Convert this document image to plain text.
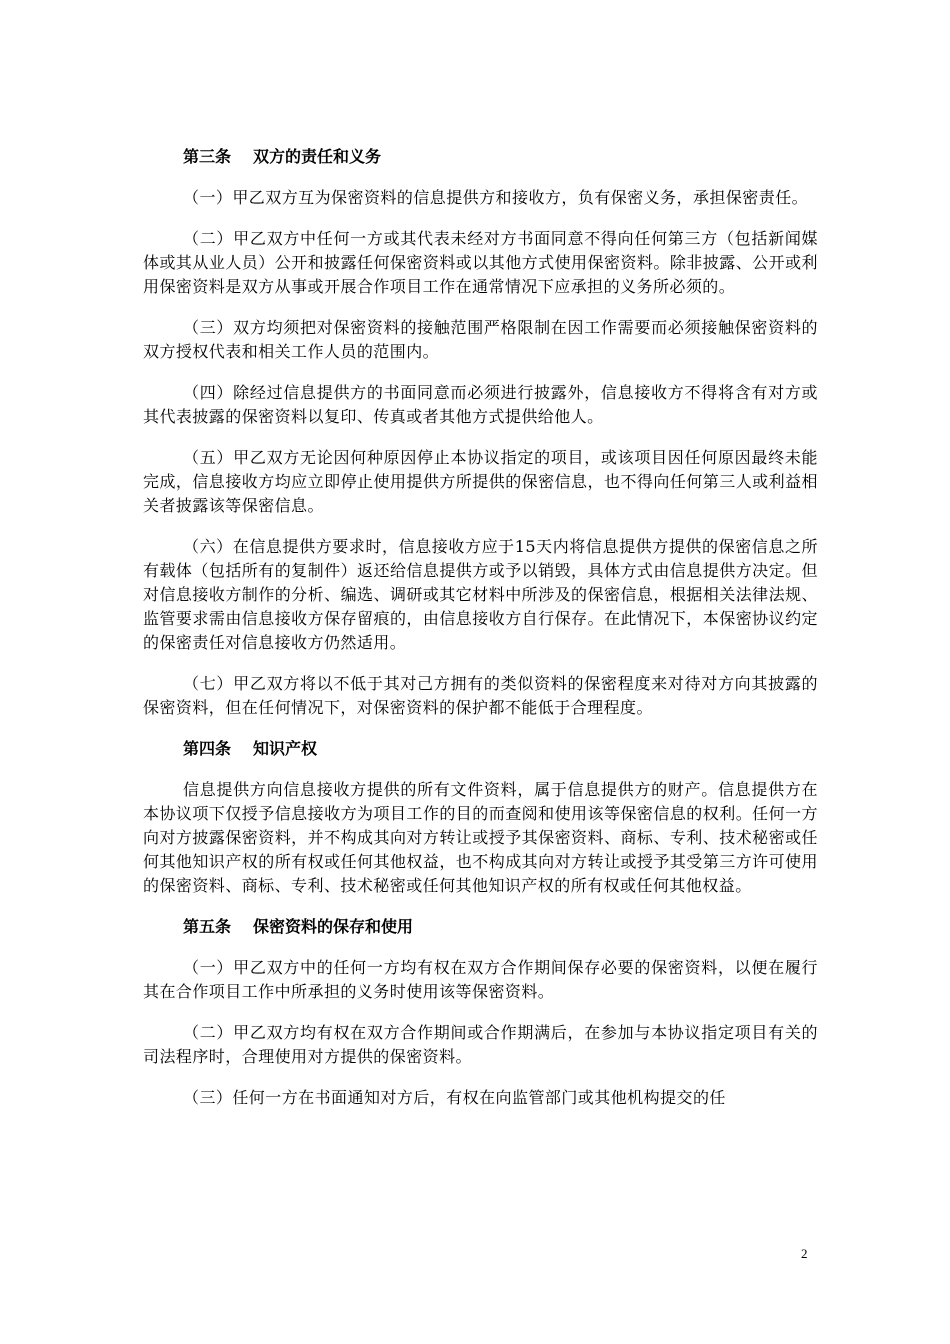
第三条 双方的责任和义务

（一）甲乙双方互为保密资料的信息提供方和接收方，负有保密义务，承担保密责任。

（二）甲乙双方中任何一方或其代表未经对方书面同意不得向任何第三方（包括新闻媒体或其从业人员）公开和披露任何保密资料或以其他方式使用保密资料。除非披露、公开或利用保密资料是双方从事或开展合作项目工作在通常情况下应承担的义务所必须的。

（三）双方均须把对保密资料的接触范围严格限制在因工作需要而必须接触保密资料的双方授权代表和相关工作人员的范围内。

（四）除经过信息提供方的书面同意而必须进行披露外，信息接收方不得将含有对方或其代表披露的保密资料以复印、传真或者其他方式提供给他人。

（五）甲乙双方无论因何种原因停止本协议指定的项目，或该项目因任何原因最终未能完成，信息接收方均应立即停止使用提供方所提供的保密信息，也不得向任何第三人或利益相关者披露该等保密信息。

（六）在信息提供方要求时，信息接收方应于15天内将信息提供方提供的保密信息之所有载体（包括所有的复制件）返还给信息提供方或予以销毁，具体方式由信息提供方决定。但对信息接收方制作的分析、编选、调研或其它材料中所涉及的保密信息，根据相关法律法规、监管要求需由信息接收方保存留痕的，由信息接收方自行保存。在此情况下，本保密协议约定的保密责任对信息接收方仍然适用。

（七）甲乙双方将以不低于其对己方拥有的类似资料的保密程度来对待对方向其披露的保密资料，但在任何情况下，对保密资料的保护都不能低于合理程度。

第四条 知识产权

信息提供方向信息接收方提供的所有文件资料，属于信息提供方的财产。信息提供方在本协议项下仅授予信息接收方为项目工作的目的而查阅和使用该等保密信息的权利。任何一方向对方披露保密资料，并不构成其向对方转让或授予其保密资料、商标、专利、技术秘密或任何其他知识产权的所有权或任何其他权益，也不构成其向对方转让或授予其受第三方许可使用的保密资料、商标、专利、技术秘密或任何其他知识产权的所有权或任何其他权益。

第五条 保密资料的保存和使用

（一）甲乙双方中的任何一方均有权在双方合作期间保存必要的保密资料，以便在履行其在合作项目工作中所承担的义务时使用该等保密资料。

（二）甲乙双方均有权在双方合作期间或合作期满后，在参加与本协议指定项目有关的司法程序时，合理使用对方提供的保密资料。

（三）任何一方在书面通知对方后，有权在向监管部门或其他机构提交的任

2
